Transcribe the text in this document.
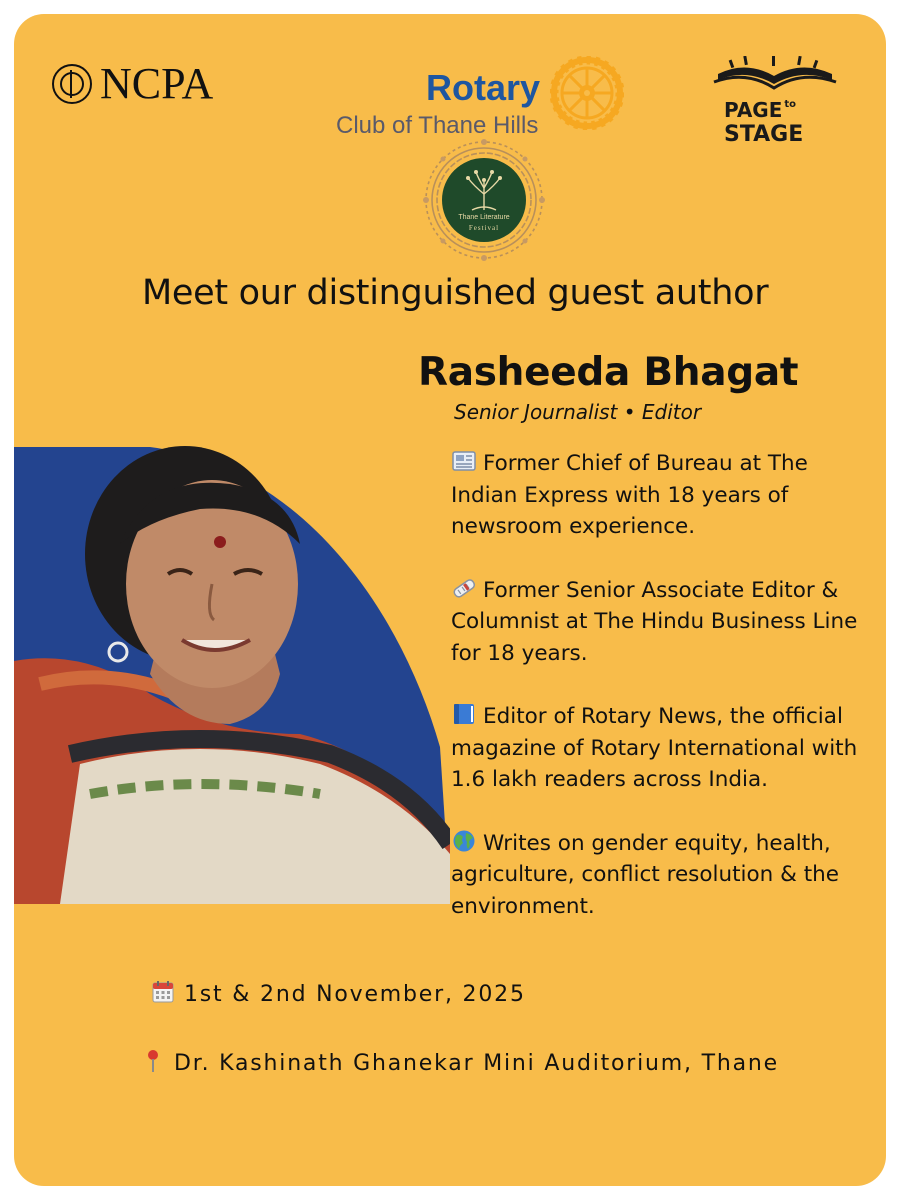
NCPA	Rotary
Club of Thane Hills
PAGE $^{to}$
STAGE
Thane Literature
Festival
Meet our distinguished guest author
Rasheeda Bhagat
Senior Journalist • Editor
Former Chief of Bureau at The Indian Express with 18 years of newsroom experience.
Former Senior Associate Editor & Columnist at The Hindu Business Line for 18 years.
Editor of Rotary News, the official magazine of Rotary International with 1.6 lakh readers across India.
Writes on gender equity, health, agriculture, conflict resolution & the environment.
1st & 2nd November, 2025
Dr. Kashinath Ghanekar Mini Auditorium, Thane
